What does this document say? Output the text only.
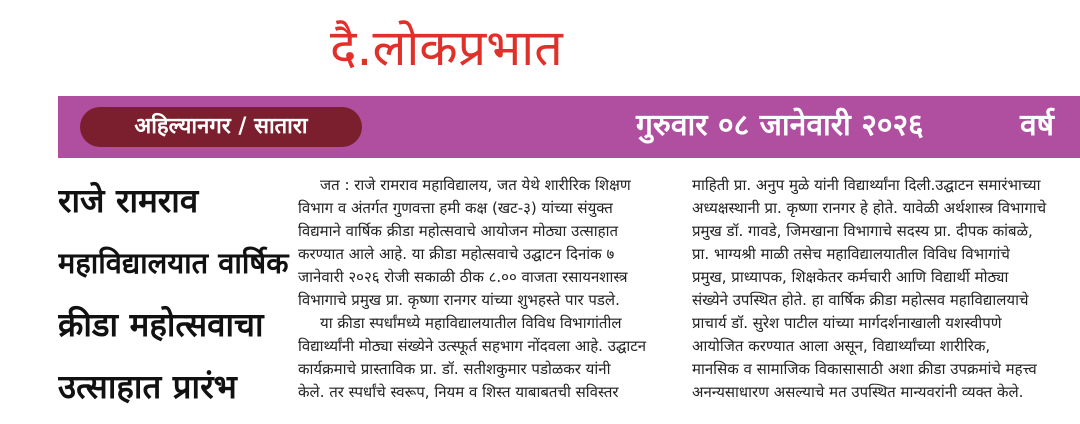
दै.लोकप्रभात
अहिल्यानगर / सातारा	गुरुवार ०८ जानेवारी २०२६	वर्ष
राजे रामराव
महाविद्यालयात वार्षिक
क्रीडा महोत्सवाचा
उत्साहात प्रारंभ
जत : राजे रामराव महाविद्यालय, जत येथे शारीरिक शिक्षण
विभाग व अंतर्गत गुणवत्ता हमी कक्ष (खट-३) यांच्या संयुक्त
विद्यमाने वार्षिक क्रीडा महोत्सवाचे आयोजन मोठ्या उत्साहात
करण्यात आले आहे. या क्रीडा महोत्सवाचे उद्घाटन दिनांक ७
जानेवारी २०२६ रोजी सकाळी ठीक ८.०० वाजता रसायनशास्त्र
विभागाचे प्रमुख प्रा. कृष्णा रानगर यांच्या शुभहस्ते पार पडले.
या क्रीडा स्पर्धांमध्ये महाविद्यालयातील विविध विभागांतील
विद्यार्थ्यांनी मोठ्या संख्येने उत्स्फूर्त सहभाग नोंदवला आहे. उद्घाटन
कार्यक्रमाचे प्रास्ताविक प्रा. डॉ. सतीशकुमार पडोळकर यांनी
केले. तर स्पर्धांचे स्वरूप, नियम व शिस्त याबाबतची सविस्तर
माहिती प्रा. अनुप मुळे यांनी विद्यार्थ्यांना दिली.उद्घाटन समारंभाच्या
अध्यक्षस्थानी प्रा. कृष्णा रानगर हे होते. यावेळी अर्थशास्त्र विभागाचे
प्रमुख डॉ. गावडे, जिमखाना विभागाचे सदस्य प्रा. दीपक कांबळे,
प्रा. भाग्यश्री माळी तसेच महाविद्यालयातील विविध विभागांचे
प्रमुख, प्राध्यापक, शिक्षकेतर कर्मचारी आणि विद्यार्थी मोठ्या
संख्येने उपस्थित होते. हा वार्षिक क्रीडा महोत्सव महाविद्यालयाचे
प्राचार्य डॉ. सुरेश पाटील यांच्या मार्गदर्शनाखाली यशस्वीपणे
आयोजित करण्यात आला असून, विद्यार्थ्यांच्या शारीरिक,
मानसिक व सामाजिक विकासासाठी अशा क्रीडा उपक्रमांचे महत्त्व
अनन्यसाधारण असल्याचे मत उपस्थित मान्यवरांनी व्यक्त केले.
